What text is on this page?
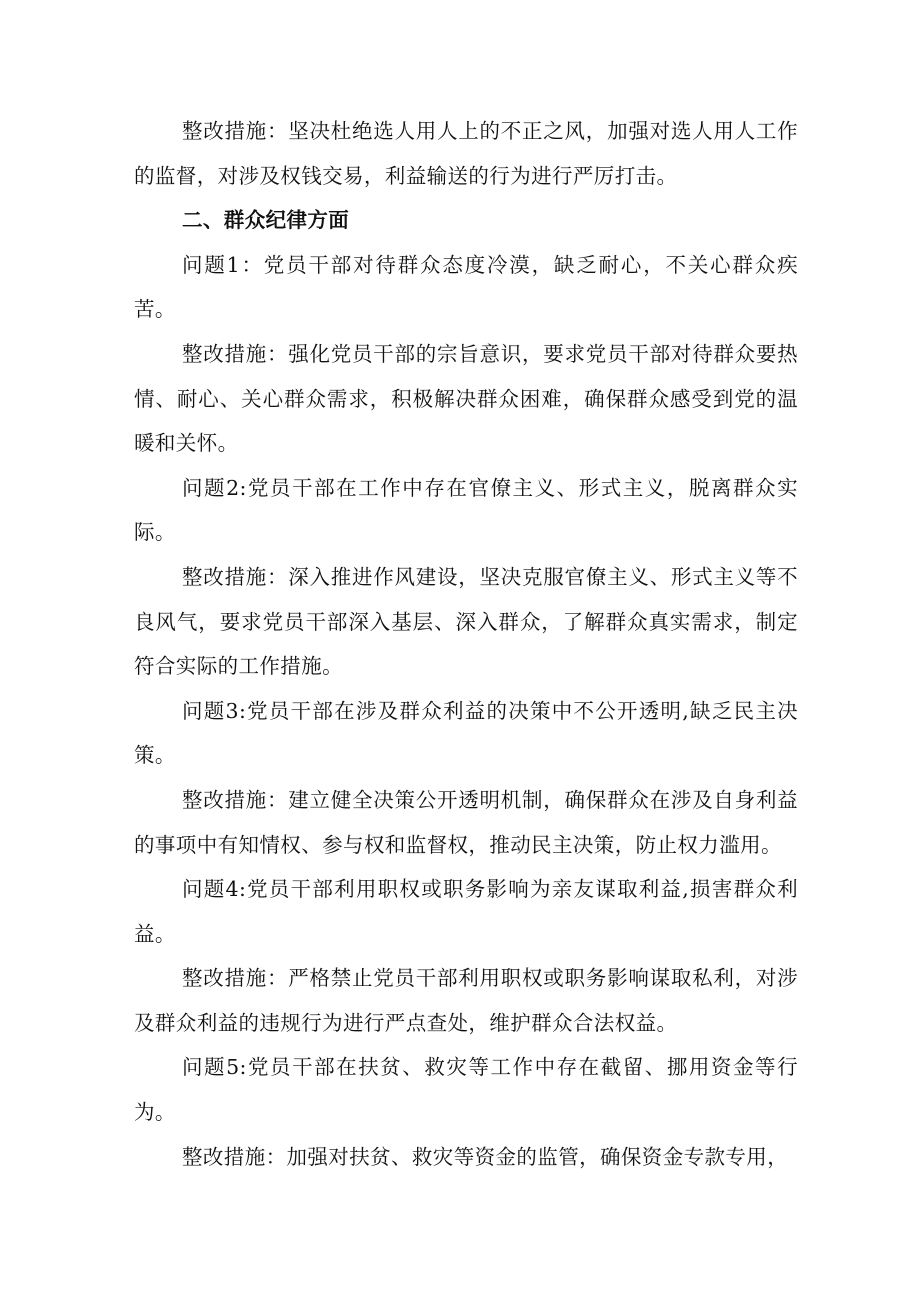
整改措施：坚决杜绝选人用人上的不正之风，加强对选人用人工作的监督，对涉及权钱交易，利益输送的行为进行严厉打击。

二、群众纪律方面

问题1：党员干部对待群众态度冷漠，缺乏耐心，不关心群众疾苦。

整改措施：强化党员干部的宗旨意识，要求党员干部对待群众要热情、耐心、关心群众需求，积极解决群众困难，确保群众感受到党的温暖和关怀。

问题2:党员干部在工作中存在官僚主义、形式主义，脱离群众实际。

整改措施：深入推进作风建设，坚决克服官僚主义、形式主义等不良风气，要求党员干部深入基层、深入群众，了解群众真实需求，制定符合实际的工作措施。

问题3:党员干部在涉及群众利益的决策中不公开透明,缺乏民主决策。

整改措施：建立健全决策公开透明机制，确保群众在涉及自身利益的事项中有知情权、参与权和监督权，推动民主决策，防止权力滥用。

问题4:党员干部利用职权或职务影响为亲友谋取利益,损害群众利益。

整改措施：严格禁止党员干部利用职权或职务影响谋取私利，对涉及群众利益的违规行为进行严点查处，维护群众合法权益。

问题5:党员干部在扶贫、救灾等工作中存在截留、挪用资金等行为。

整改措施：加强对扶贫、救灾等资金的监管，确保资金专款专用，
